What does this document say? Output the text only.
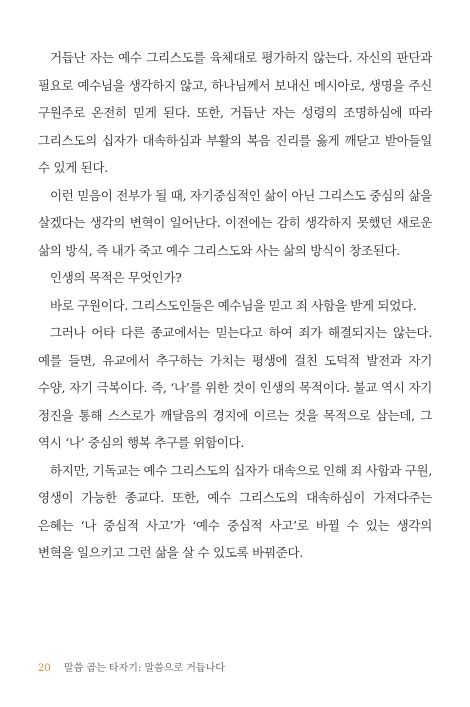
거듭난 자는 예수 그리스도를 육체대로 평가하지 않는다. 자신의 판단과 필요로 예수님을 생각하지 않고, 하나님께서 보내신 메시아로, 생명을 주신 구원주로 온전히 믿게 된다. 또한, 거듭난 자는 성령의 조명하심에 따라 그리스도의 십자가 대속하심과 부활의 복음 진리를 옳게 깨닫고 받아들일 수 있게 된다.

이런 믿음이 전부가 될 때, 자기중심적인 삶이 아닌 그리스도 중심의 삶을 살겠다는 생각의 변혁이 일어난다. 이전에는 감히 생각하지 못했던 새로운 삶의 방식, 즉 내가 죽고 예수 그리스도와 사는 삶의 방식이 창조된다.

인생의 목적은 무엇인가?

바로 구원이다. 그리스도인들은 예수님을 믿고 죄 사함을 받게 되었다.

그러나 어타 다른 종교에서는 믿는다고 하여 죄가 해결되지는 않는다. 예를 들면, 유교에서 추구하는 가치는 평생에 걸친 도덕적 발전과 자기 수양, 자기 극복이다. 즉, ‘나’를 위한 것이 인생의 목적이다. 불교 역시 자기 정진을 통해 스스로가 깨달음의 경지에 이르는 것을 목적으로 삼는데, 그 역시 ‘나’ 중심의 행복 추구를 위함이다.

하지만, 기독교는 예수 그리스도의 십자가 대속으로 인해 죄 사함과 구원, 영생이 가능한 종교다. 또한, 예수 그리스도의 대속하심이 가져다주는 은혜는 ‘나 중심적 사고’가 ‘예수 중심적 사고’로 바뀔 수 있는 생각의 변혁을 일으키고 그런 삶을 살 수 있도록 바꿔준다.

20 말씀 곱는 타자기: 말씀으로 거듭나다
